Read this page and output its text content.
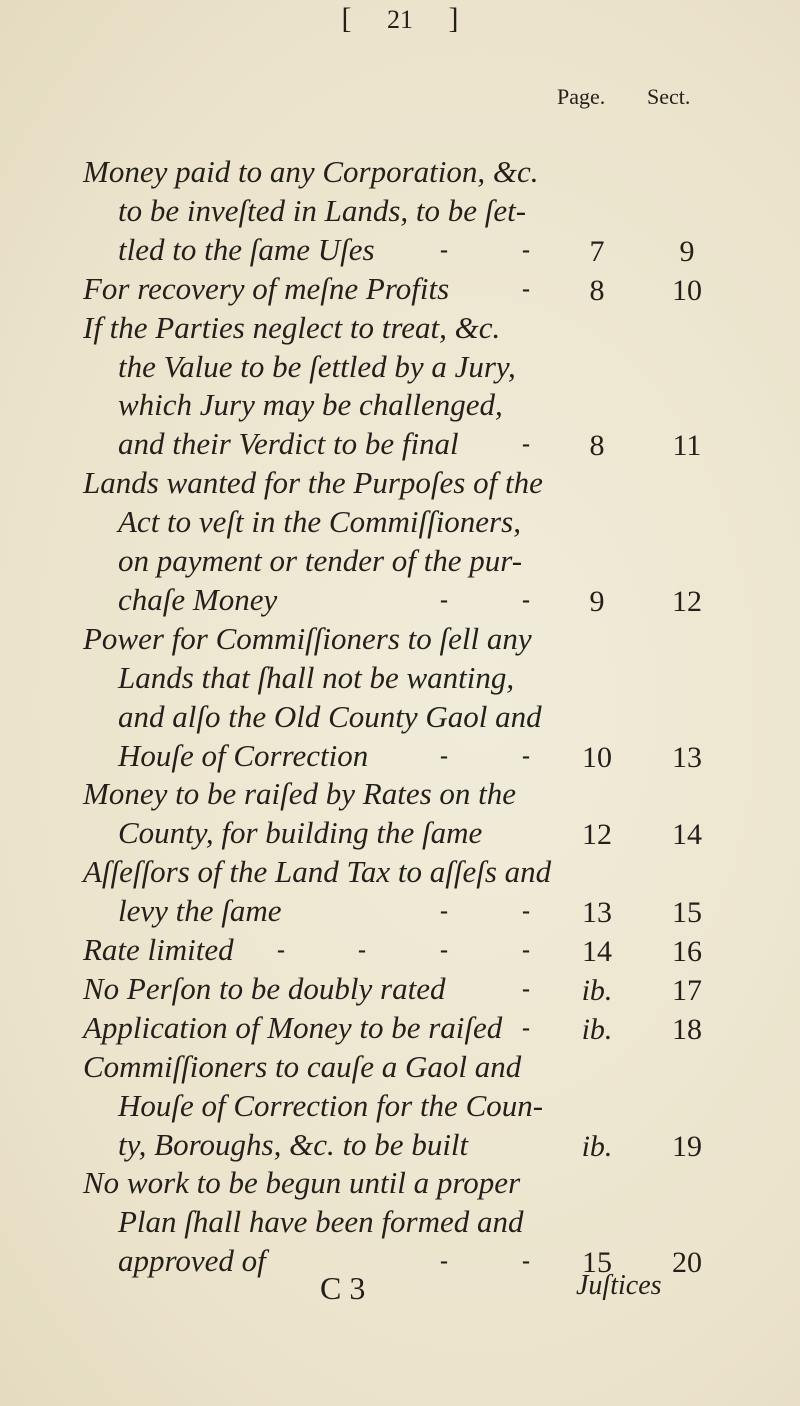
[ 21 ]
Page. Sect.
Money paid to any Corporation, &c.
to be inveſted in Lands, to be ſet-
tled to the ſame Uſes	-	-	7	9
For recovery of meſne Profits	-	8	10
If the Parties neglect to treat, &c.
the Value to be ſettled by a Jury,
which Jury may be challenged,
and their Verdict to be final	-	8	11
Lands wanted for the Purpoſes of the
Act to veſt in the Commiſſioners,
on payment or tender of the pur-
chaſe Money	-	-	9	12
Power for Commiſſioners to ſell any
Lands that ſhall not be wanting,
and alſo the Old County Gaol and
Houſe of Correction	-	-	10	13
Money to be raiſed by Rates on the
County, for building the ſame	12	14
Aſſeſſors of the Land Tax to aſſeſs and
levy the ſame	-	-	13	15
Rate limited -	-	-	-	14	16
No Perſon to be doubly rated	-	ib.	17
Application of Money to be raiſed -	ib.	18
Commiſſioners to cauſe a Gaol and
Houſe of Correction for the Coun-
ty, Boroughs, &c. to be built	ib.	19
No work to be begun until a proper
Plan ſhall have been formed and
approved of	-	-	15	20
C 3	Juſtices
